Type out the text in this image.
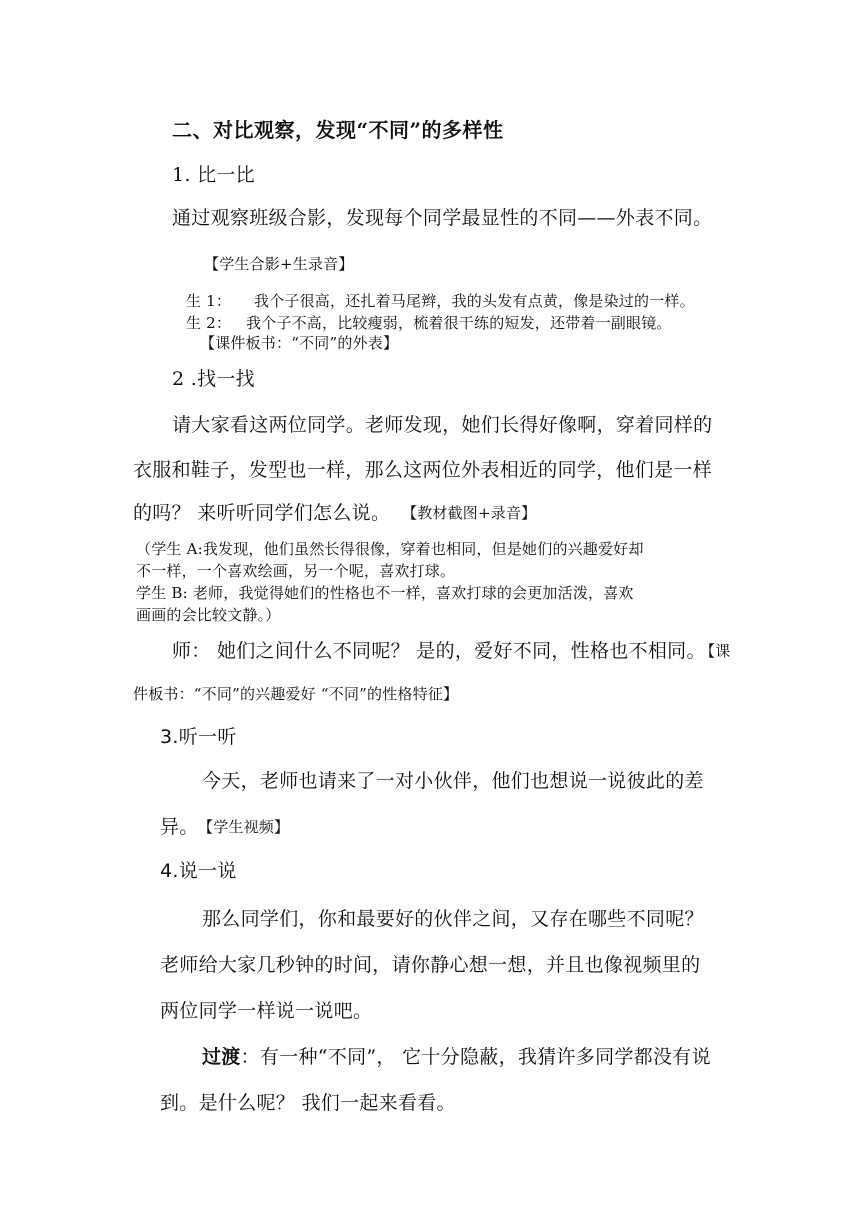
二、对比观察，发现“不同”的多样性
1. 比一比
通过观察班级合影，发现每个同学最显性的不同——外表不同。
【学生合影+生录音】
生 1： 我个子很高，还扎着马尾辫，我的头发有点黄，像是染过的一样。
生 2： 我个子不高，比较瘦弱，梳着很干练的短发，还带着一副眼镜。
【课件板书：“不同”的外表】
2 .找一找
请大家看这两位同学。老师发现，她们长得好像啊，穿着同样的
衣服和鞋子，发型也一样，那么这两位外表相近的同学，他们是一样
的吗？ 来听听同学们怎么说。 【教材截图+录音】
（学生 A:我发现，他们虽然长得很像，穿着也相同，但是她们的兴趣爱好却
不一样，一个喜欢绘画，另一个呢，喜欢打球。
学生 B: 老师，我觉得她们的性格也不一样，喜欢打球的会更加活泼，喜欢
画画的会比较文静。）
师： 她们之间什么不同呢？ 是的，爱好不同，性格也不相同。
【课
件板书：“不同”的兴趣爱好 “不同”的性格特征】
3.听一听
今天，老师也请来了一对小伙伴，他们也想说一说彼此的差
异。 【学生视频】
4.说一说
那么同学们，你和最要好的伙伴之间，又存在哪些不同呢？
老师给大家几秒钟的时间，请你静心想一想，并且也像视频里的
两位同学一样说一说吧。
过渡：有一种“不同”， 它十分隐蔽，我猜许多同学都没有说
到。是什么呢？ 我们一起来看看。
